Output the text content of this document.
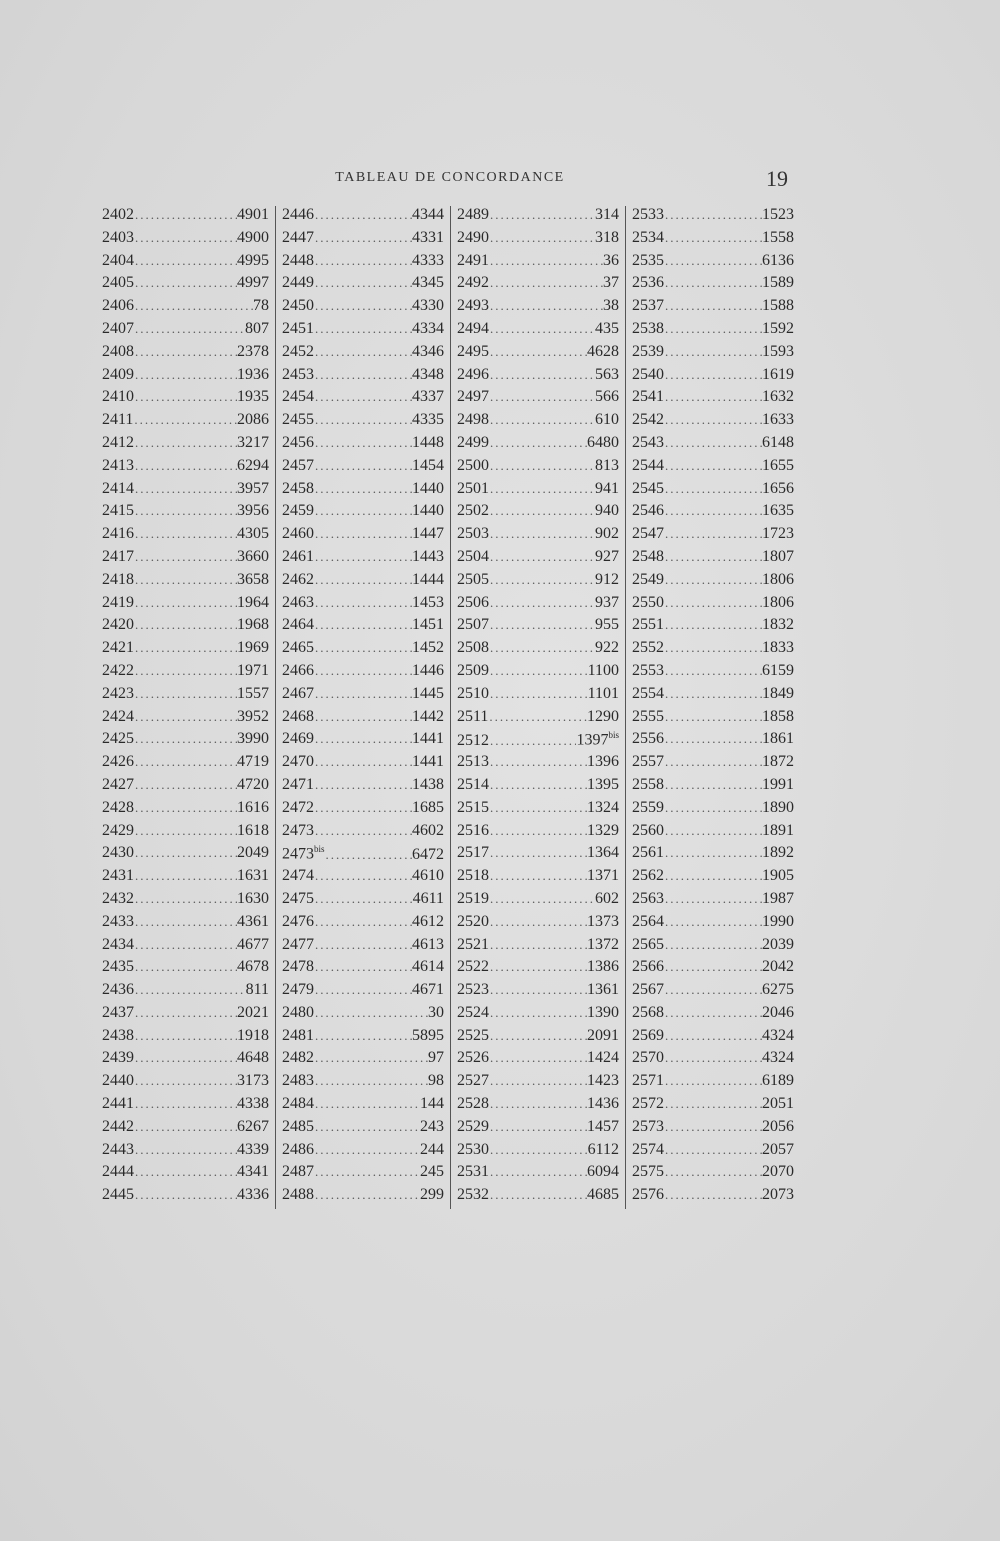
TABLEAU DE CONCORDANCE	19
2402 .....	4901
2403 .....	4900
2404 .....	4995
2405 .....	4997
2406 .....	78
2407 .....	807
2408 .....	2378
2409 .....	1936
2410 .....	1935
2411 .....	2086
2412 .....	3217
2413 .....	6294
2414 .....	3957
2415 .....	3956
2416 .....	4305
2417 .....	3660
2418 .....	3658
2419 .....	1964
2420 .....	1968
2421 .....	1969
2422 .....	1971
2423 .....	1557
2424 .....	3952
2425 .....	3990
2426 .....	4719
2427 .....	4720
2428 .....	1616
2429 .....	1618
2430 .....	2049
2431 .....	1631
2432 .....	1630
2433 .....	4361
2434 .....	4677
2435 .....	4678
2436 .....	811
2437 .....	2021
2438 .....	1918
2439 .....	4648
2440 .....	3173
2441 .....	4338
2442 .....	6267
2443 .....	4339
2444 .....	4341
2445 .....	4336
2446 .....	4344
2447 .....	4331
2448 .....	4333
2449 .....	4345
2450 .....	4330
2451 .....	4334
2452 .....	4346
2453 .....	4348
2454 .....	4337
2455 .....	4335
2456 .....	1448
2457 .....	1454
2458 .....	1440
2459 .....	1440
2460 .....	1447
2461 .....	1443
2462 .....	1444
2463 .....	1453
2464 .....	1451
2465 .....	1452
2466 .....	1446
2467 .....	1445
2468 .....	1442
2469 .....	1441
2470 .....	1441
2471 .....	1438
2472 .....	1685
2473 .....	4602
$2473^{bis}$ .....	6472
2474 .....	4610
2475 .....	4611
2476 .....	4612
2477 .....	4613
2478 .....	4614
2479 .....	4671
2480 .....	30
2481 .....	5895
2482 .....	97
2483 .....	98
2484 .....	144
2485 .....	243
2486 .....	244
2487 .....	245
2488 .....	299
2489 .....	314
2490 .....	318
2491 .....	36
2492 .....	37
2493 .....	38
2494 .....	435
2495 .....	4628
2496 .....	563
2497 .....	566
2498 .....	610
2499 .....	6480
2500 .....	813
2501 .....	941
2502 .....	940
2503 .....	902
2504 .....	927
2505 .....	912
2506 .....	937
2507 .....	955
2508 .....	922
2509 .....	1100
2510 .....	1101
2511 .....	1290
2512 .....	$1397^{bis}$
2513 .....	1396
2514 .....	1395
2515 .....	1324
2516 .....	1329
2517 .....	1364
2518 .....	1371
2519 .....	602
2520 .....	1373
2521 .....	1372
2522 .....	1386
2523 .....	1361
2524 .....	1390
2525 .....	2091
2526 .....	1424
2527 .....	1423
2528 .....	1436
2529 .....	1457
2530 .....	6112
2531 .....	6094
2532 .....	4685
2533 .....	1523
2534 .....	1558
2535 .....	6136
2536 .....	1589
2537 .....	1588
2538 .....	1592
2539 .....	1593
2540 .....	1619
2541 .....	1632
2542 .....	1633
2543 .....	6148
2544 .....	1655
2545 .....	1656
2546 .....	1635
2547 .....	1723
2548 .....	1807
2549 .....	1806
2550 .....	1806
2551 .....	1832
2552 .....	1833
2553 .....	6159
2554 .....	1849
2555 .....	1858
2556 .....	1861
2557 .....	1872
2558 .....	1991
2559 .....	1890
2560 .....	1891
2561 .....	1892
2562 .....	1905
2563 .....	1987
2564 .....	1990
2565 .....	2039
2566 .....	2042
2567 .....	6275
2568 .....	2046
2569 .....	4324
2570 .....	4324
2571 .....	6189
2572 .....	2051
2573 .....	2056
2574 .....	2057
2575 .....	2070
2576 .....	2073
